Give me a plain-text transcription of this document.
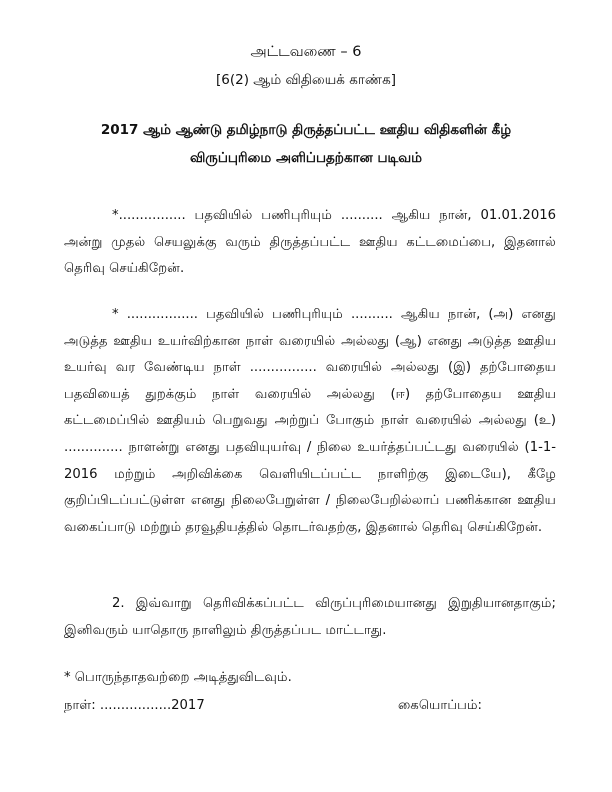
அட்டவணை – 6
[6(2) ஆம் விதியைக் காண்க]
2017 ஆம் ஆண்டு தமிழ்நாடு திருத்தப்பட்ட ஊதிய விதிகளின் கீழ்
விருப்புரிமை அளிப்பதற்கான படிவம்

*................ பதவியில் பணிபுரியும் .......... ஆகிய நான், 01.01.2016 அன்று முதல் செயலுக்கு வரும் திருத்தப்பட்ட ஊதிய கட்டமைப்பை, இதனால் தெரிவு செய்கிறேன்.

* ................. பதவியில் பணிபுரியும் .......... ஆகிய நான், (அ) எனது அடுத்த ஊதிய உயர்விற்கான நாள் வரையில் அல்லது (ஆ) எனது அடுத்த ஊதிய உயர்வு வர வேண்டிய நாள் ................ வரையில் அல்லது (இ) தற்போதைய பதவியைத் துறக்கும் நாள் வரையில் அல்லது (ஈ) தற்போதைய ஊதிய கட்டமைப்பில் ஊதியம் பெறுவது அற்றுப் போகும் நாள் வரையில் அல்லது (உ) .............. நாளன்று எனது பதவியுயர்வு / நிலை உயர்த்தப்பட்டது வரையில் (1-1-2016 மற்றும் அறிவிக்கை வெளியிடப்பட்ட நாளிற்கு இடையே), கீழே குறிப்பிடப்பட்டுள்ள எனது நிலைபேறுள்ள / நிலைபேறில்லாப் பணிக்கான ஊதிய வகைப்பாடு மற்றும் தரவூதியத்தில் தொடர்வதற்கு, இதனால் தெரிவு செய்கிறேன்.

2. இவ்வாறு தெரிவிக்கப்பட்ட விருப்புரிமையானது இறுதியானதாகும்; இனிவரும் யாதொரு நாளிலும் திருத்தப்பட மாட்டாது.

* பொருந்தாதவற்றை அடித்துவிடவும்.
நாள்: .................2017	கையொப்பம்:
